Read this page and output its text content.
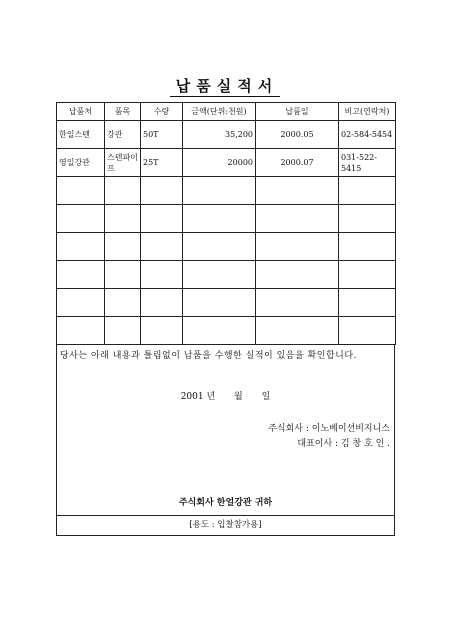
납품실적서
납품처	품목	수량	금액(단위:천원)	납품일	비고(연락처)
한일스텐	강관	50T	35,200	2000.05	02-584-5454
영일강관	스텐파이프	25T	20000	2000.07	031-522-5415

당사는 아래 내용과 틀림없이 납품을 수행한 실적이 있음을 확인합니다.
2001 년 월 일
주식회사 : 이노베이션비지니스
대표이사 : 김 창 호 인 .
주식회사 한얼강관 귀하
[용도 : 입찰참가용]
